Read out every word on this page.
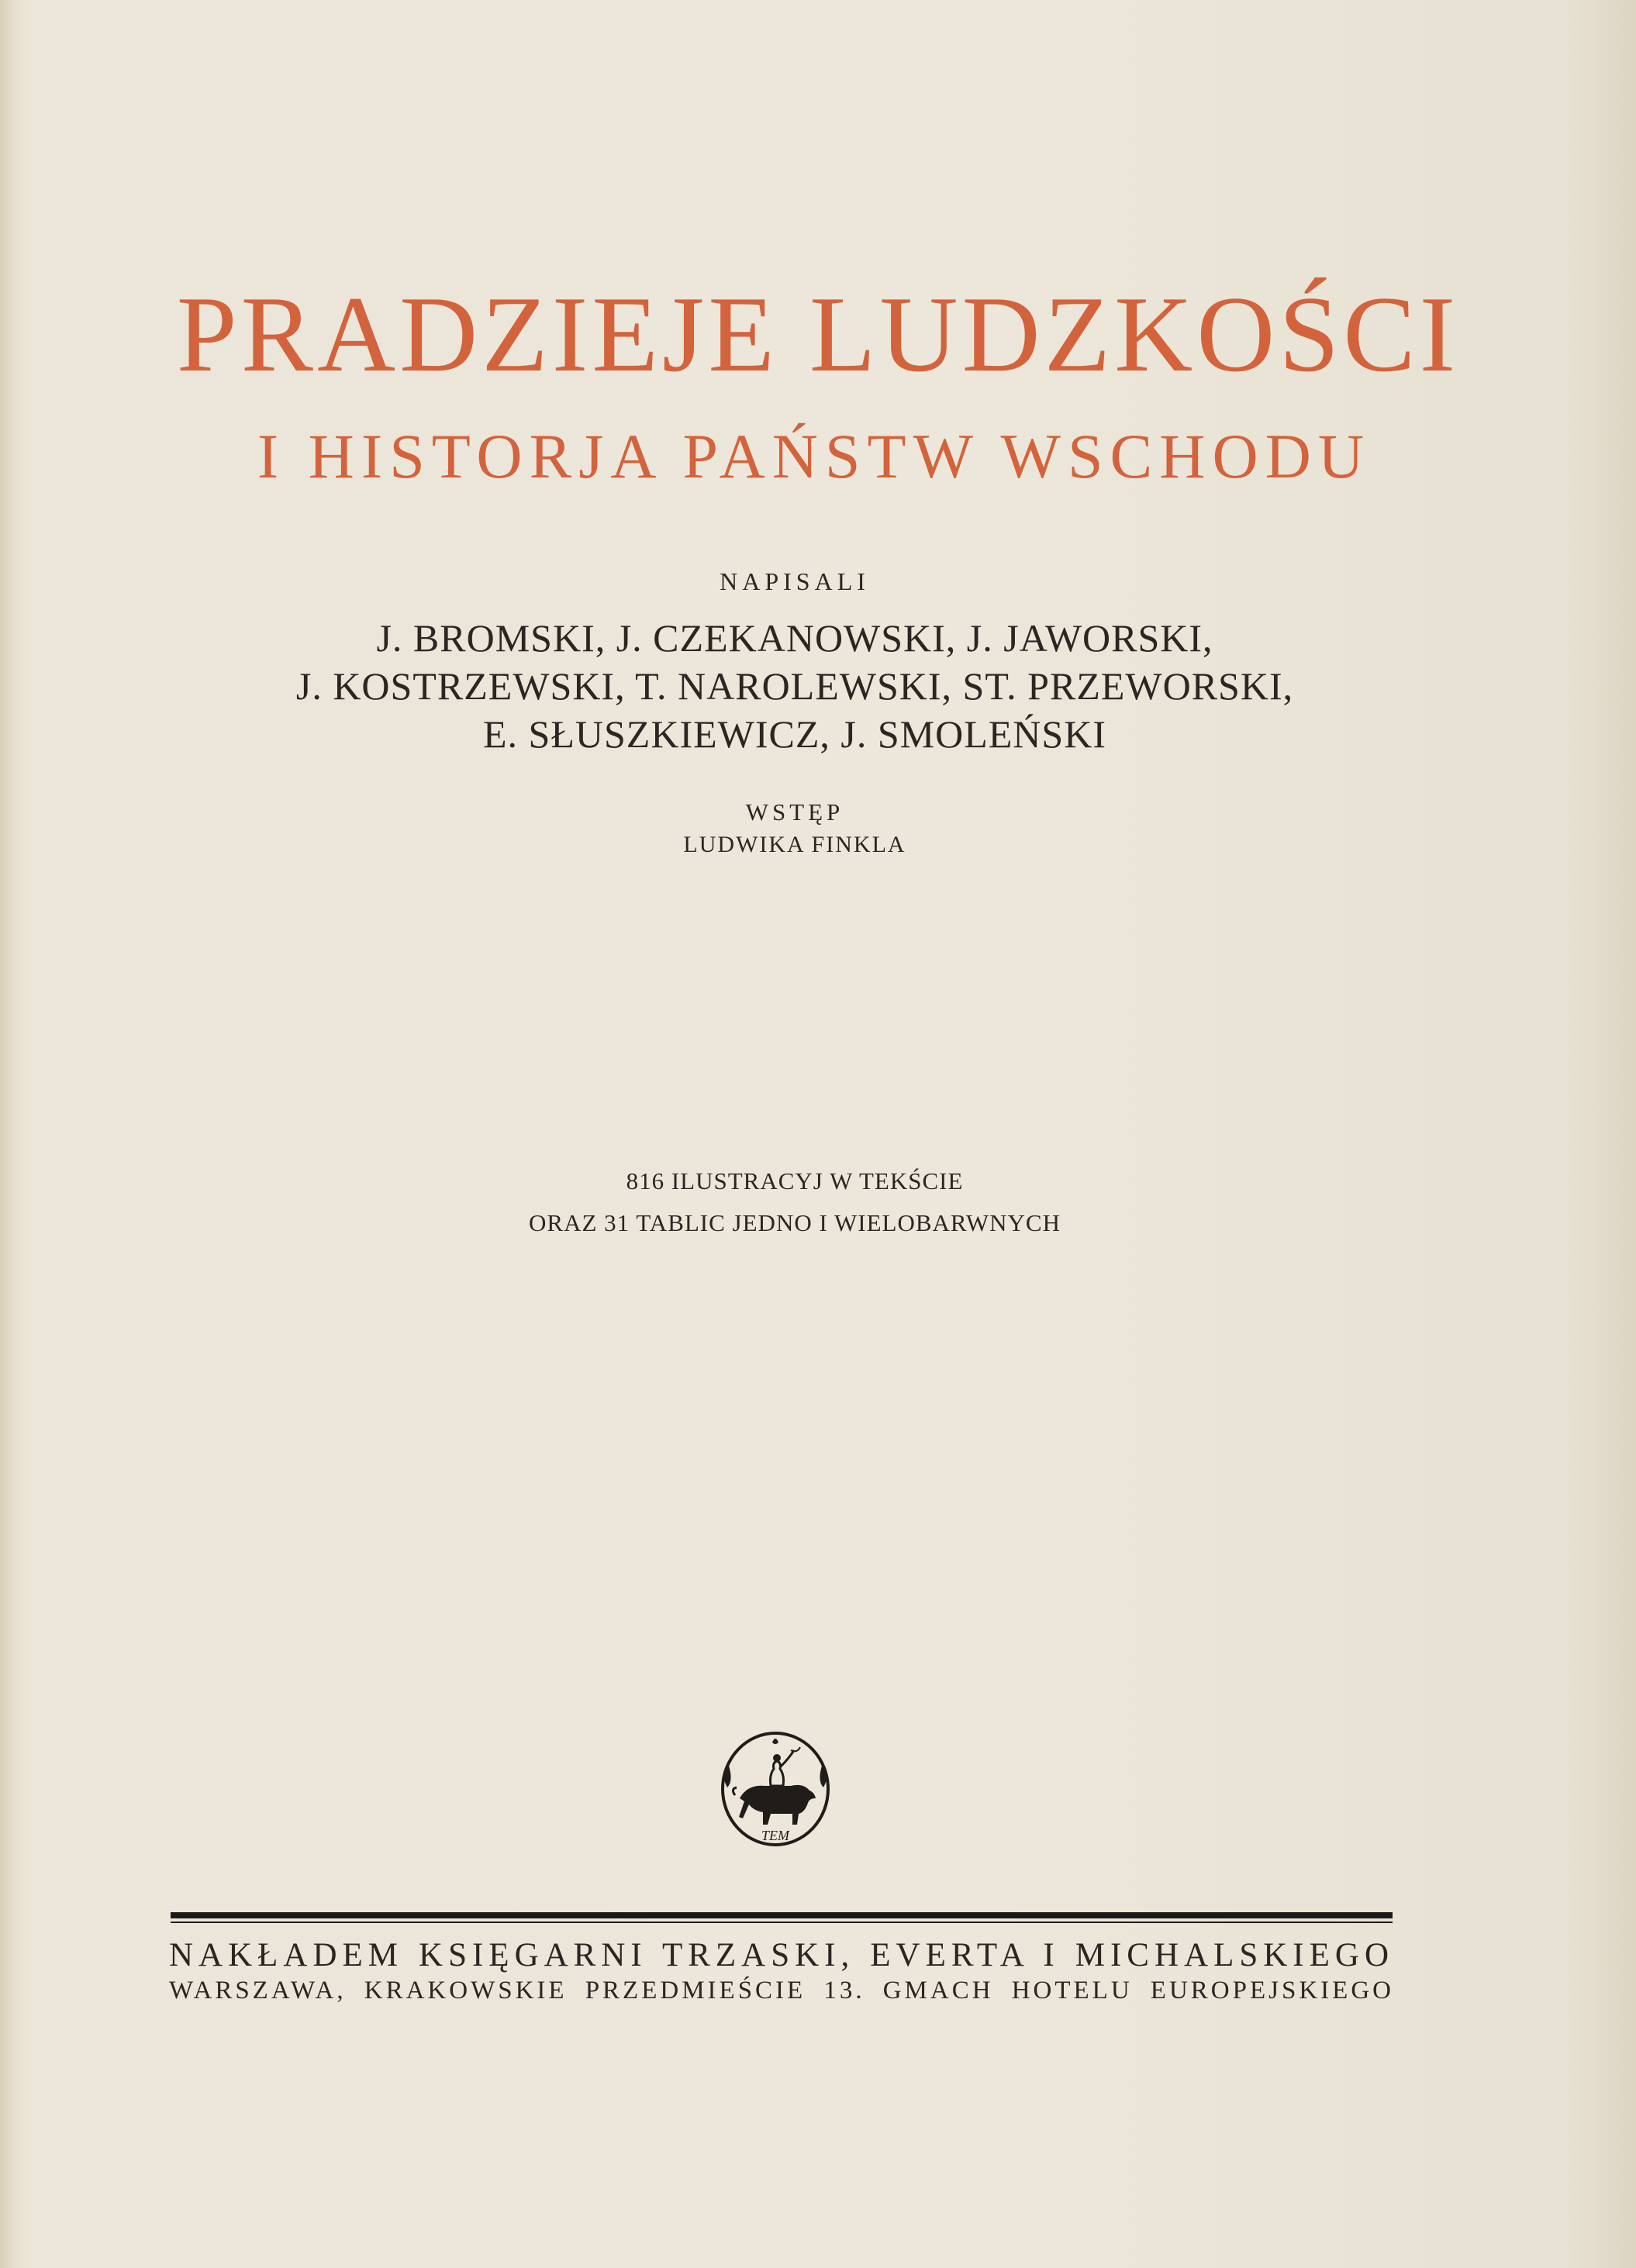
PRADZIEJE LUDZKOŚCI
I HISTORJA PAŃSTW WSCHODU
NAPISALI
J. BROMSKI, J. CZEKANOWSKI, J. JAWORSKI,
J. KOSTRZEWSKI, T. NAROLEWSKI, ST. PRZEWORSKI,
E. SŁUSZKIEWICZ, J. SMOLEŃSKI
WSTĘP
LUDWIKA FINKLA
816 ILUSTRACYJ W TEKŚCIE
ORAZ 31 TABLIC JEDNO I WIELOBARWNYCH
TEM
NAKŁADEM KSIĘGARNI TRZASKI, EVERTA I MICHALSKIEGO
WARSZAWA, KRAKOWSKIE PRZEDMIEŚCIE 13. GMACH HOTELU EUROPEJSKIEGO
